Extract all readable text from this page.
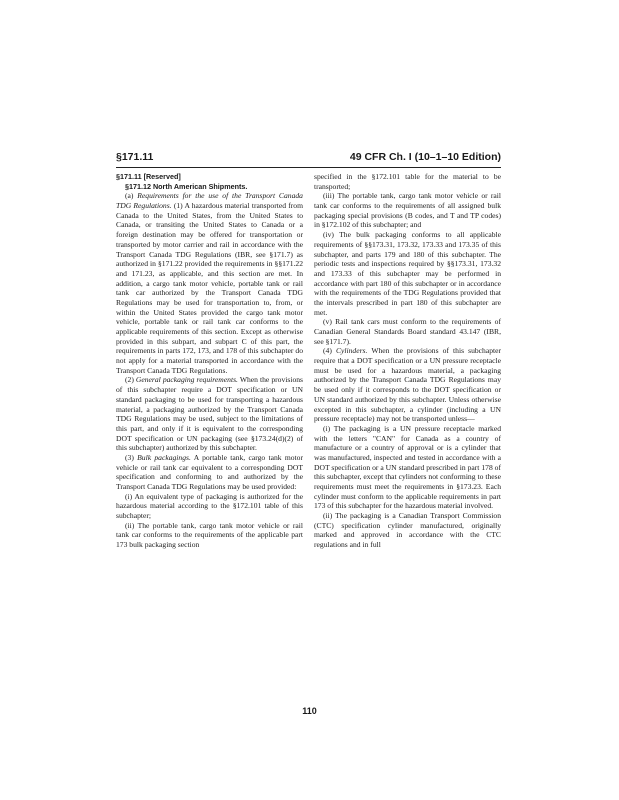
§171.11	49 CFR Ch. I (10–1–10 Edition)

§171.11 [Reserved]

§171.12 North American Shipments.

(a) Requirements for the use of the Transport Canada TDG Regulations. (1) A hazardous material transported from Canada to the United States, from the United States to Canada, or transiting the United States to Canada or a foreign destination may be offered for transportation or transported by motor carrier and rail in accordance with the Transport Canada TDG Regulations (IBR, see §171.7) as authorized in §171.22 provided the requirements in §§171.22 and 171.23, as applicable, and this section are met. In addition, a cargo tank motor vehicle, portable tank or rail tank car authorized by the Transport Canada TDG Regulations may be used for transportation to, from, or within the United States provided the cargo tank motor vehicle, portable tank or rail tank car conforms to the applicable requirements of this section. Except as otherwise provided in this subpart, and subpart C of this part, the requirements in parts 172, 173, and 178 of this subchapter do not apply for a material transported in accordance with the Transport Canada TDG Regulations.

(2) General packaging requirements. When the provisions of this subchapter require a DOT specification or UN standard packaging to be used for transporting a hazardous material, a packaging authorized by the Transport Canada TDG Regulations may be used, subject to the limitations of this part, and only if it is equivalent to the corresponding DOT specification or UN packaging (see §173.24(d)(2) of this subchapter) authorized by this subchapter.

(3) Bulk packagings. A portable tank, cargo tank motor vehicle or rail tank car equivalent to a corresponding DOT specification and conforming to and authorized by the Transport Canada TDG Regulations may be used provided:

(i) An equivalent type of packaging is authorized for the hazardous material according to the §172.101 table of this subchapter;

(ii) The portable tank, cargo tank motor vehicle or rail tank car conforms to the requirements of the applicable part 173 bulk packaging section

specified in the §172.101 table for the material to be transported;

(iii) The portable tank, cargo tank motor vehicle or rail tank car conforms to the requirements of all assigned bulk packaging special provisions (B codes, and T and TP codes) in §172.102 of this subchapter; and

(iv) The bulk packaging conforms to all applicable requirements of §§173.31, 173.32, 173.33 and 173.35 of this subchapter, and parts 179 and 180 of this subchapter. The periodic tests and inspections required by §§173.31, 173.32 and 173.33 of this subchapter may be performed in accordance with part 180 of this subchapter or in accordance with the requirements of the TDG Regulations provided that the intervals prescribed in part 180 of this subchapter are met.

(v) Rail tank cars must conform to the requirements of Canadian General Standards Board standard 43.147 (IBR, see §171.7).

(4) Cylinders. When the provisions of this subchapter require that a DOT specification or a UN pressure receptacle must be used for a hazardous material, a packaging authorized by the Transport Canada TDG Regulations may be used only if it corresponds to the DOT specification or UN standard authorized by this subchapter. Unless otherwise excepted in this subchapter, a cylinder (including a UN pressure receptacle) may not be transported unless—

(i) The packaging is a UN pressure receptacle marked with the letters "CAN" for Canada as a country of manufacture or a country of approval or is a cylinder that was manufactured, inspected and tested in accordance with a DOT specification or a UN standard prescribed in part 178 of this subchapter, except that cylinders not conforming to these requirements must meet the requirements in §173.23. Each cylinder must conform to the applicable requirements in part 173 of this subchapter for the hazardous material involved.

(ii) The packaging is a Canadian Transport Commission (CTC) specification cylinder manufactured, originally marked and approved in accordance with the CTC regulations and in full

110
